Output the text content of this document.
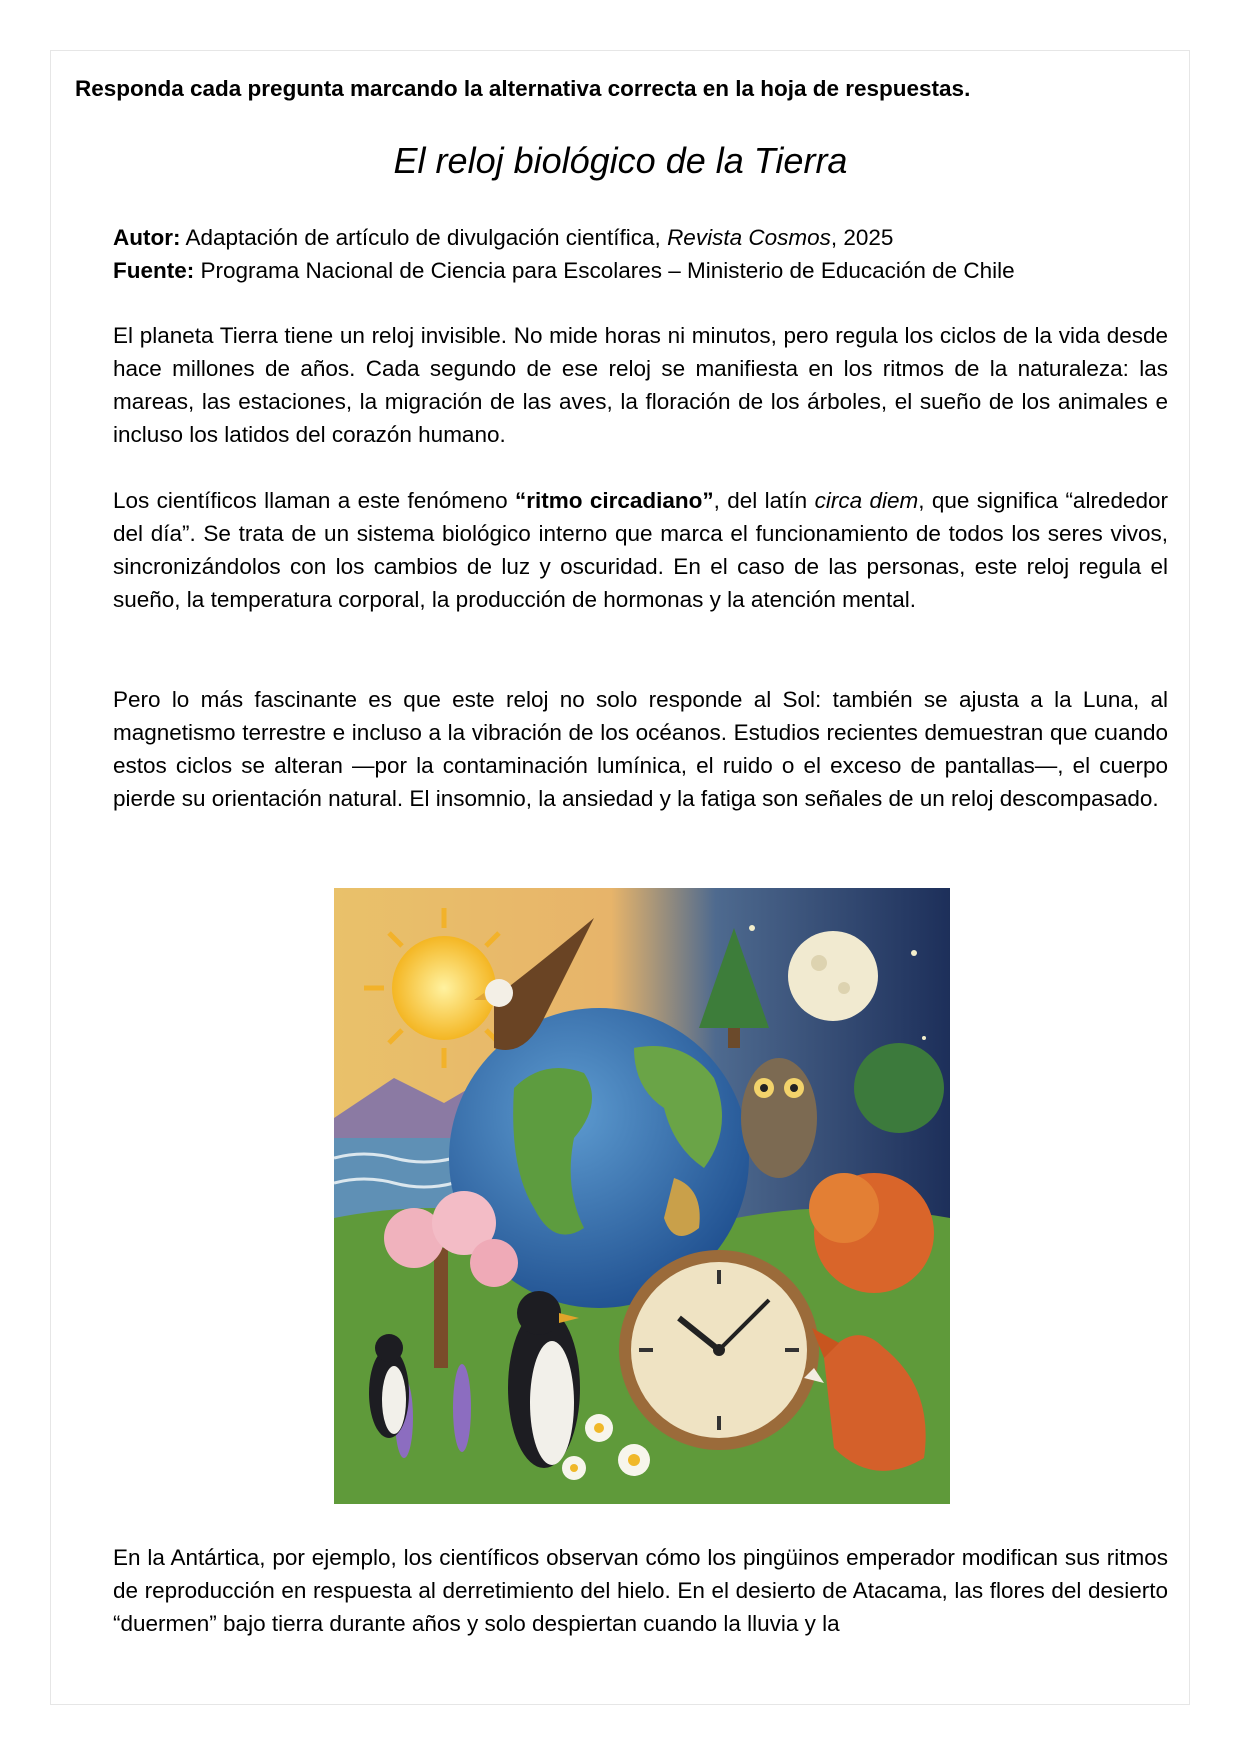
Responda cada pregunta marcando la alternativa correcta en la hoja de respuestas.
El reloj biológico de la Tierra
Autor: Adaptación de artículo de divulgación científica, Revista Cosmos, 2025
Fuente: Programa Nacional de Ciencia para Escolares – Ministerio de Educación de Chile

El planeta Tierra tiene un reloj invisible. No mide horas ni minutos, pero regula los ciclos de la vida desde hace millones de años. Cada segundo de ese reloj se manifiesta en los ritmos de la naturaleza: las mareas, las estaciones, la migración de las aves, la floración de los árboles, el sueño de los animales e incluso los latidos del corazón humano.

Los científicos llaman a este fenómeno “ritmo circadiano”, del latín circa diem, que significa “alrededor del día”. Se trata de un sistema biológico interno que marca el funcionamiento de todos los seres vivos, sincronizándolos con los cambios de luz y oscuridad. En el caso de las personas, este reloj regula el sueño, la temperatura corporal, la producción de hormonas y la atención mental.

Pero lo más fascinante es que este reloj no solo responde al Sol: también se ajusta a la Luna, al magnetismo terrestre e incluso a la vibración de los océanos. Estudios recientes demuestran que cuando estos ciclos se alteran —por la contaminación lumínica, el ruido o el exceso de pantallas—, el cuerpo pierde su orientación natural. El insomnio, la ansiedad y la fatiga son señales de un reloj descompasado.

En la Antártica, por ejemplo, los científicos observan cómo los pingüinos emperador modifican sus ritmos de reproducción en respuesta al derretimiento del hielo. En el desierto de Atacama, las flores del desierto “duermen” bajo tierra durante años y solo despiertan cuando la lluvia y la
